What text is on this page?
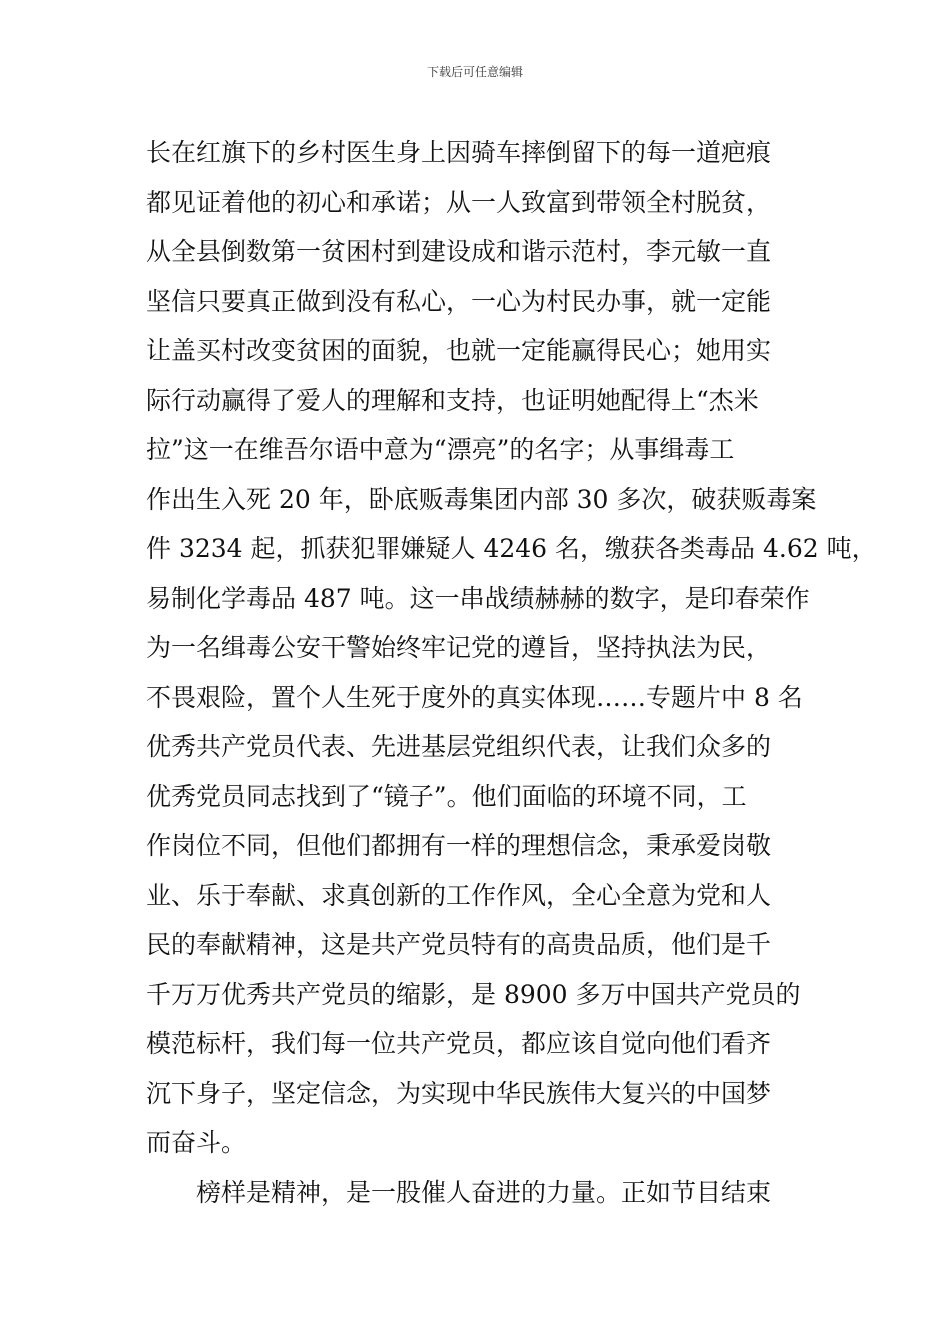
下载后可任意编辑
长在红旗下的乡村医生身上因骑车摔倒留下的每一道疤痕
都见证着他的初心和承诺；从一人致富到带领全村脱贫，
从全县倒数第一贫困村到建设成和谐示范村，李元敏一直
坚信只要真正做到没有私心，一心为村民办事，就一定能
让盖买村改变贫困的面貌，也就一定能赢得民心；她用实
际行动赢得了爱人的理解和支持，也证明她配得上“杰米
拉”这一在维吾尔语中意为“漂亮”的名字；从事缉毒工
作出生入死 20 年，卧底贩毒集团内部 30 多次，破获贩毒案
件 3234 起，抓获犯罪嫌疑人 4246 名，缴获各类毒品 4.62 吨，
易制化学毒品 487 吨。这一串战绩赫赫的数字，是印春荣作
为一名缉毒公安干警始终牢记党的遵旨，坚持执法为民，
不畏艰险，置个人生死于度外的真实体现……专题片中 8 名
优秀共产党员代表、先进基层党组织代表，让我们众多的
优秀党员同志找到了“镜子”。他们面临的环境不同，工
作岗位不同，但他们都拥有一样的理想信念，秉承爱岗敬
业、乐于奉献、求真创新的工作作风，全心全意为党和人
民的奉献精神，这是共产党员特有的高贵品质，他们是千
千万万优秀共产党员的缩影，是 8900 多万中国共产党员的
模范标杆，我们每一位共产党员，都应该自觉向他们看齐
沉下身子，坚定信念，为实现中华民族伟大复兴的中国梦
而奋斗。
榜样是精神，是一股催人奋进的力量。正如节目结束
